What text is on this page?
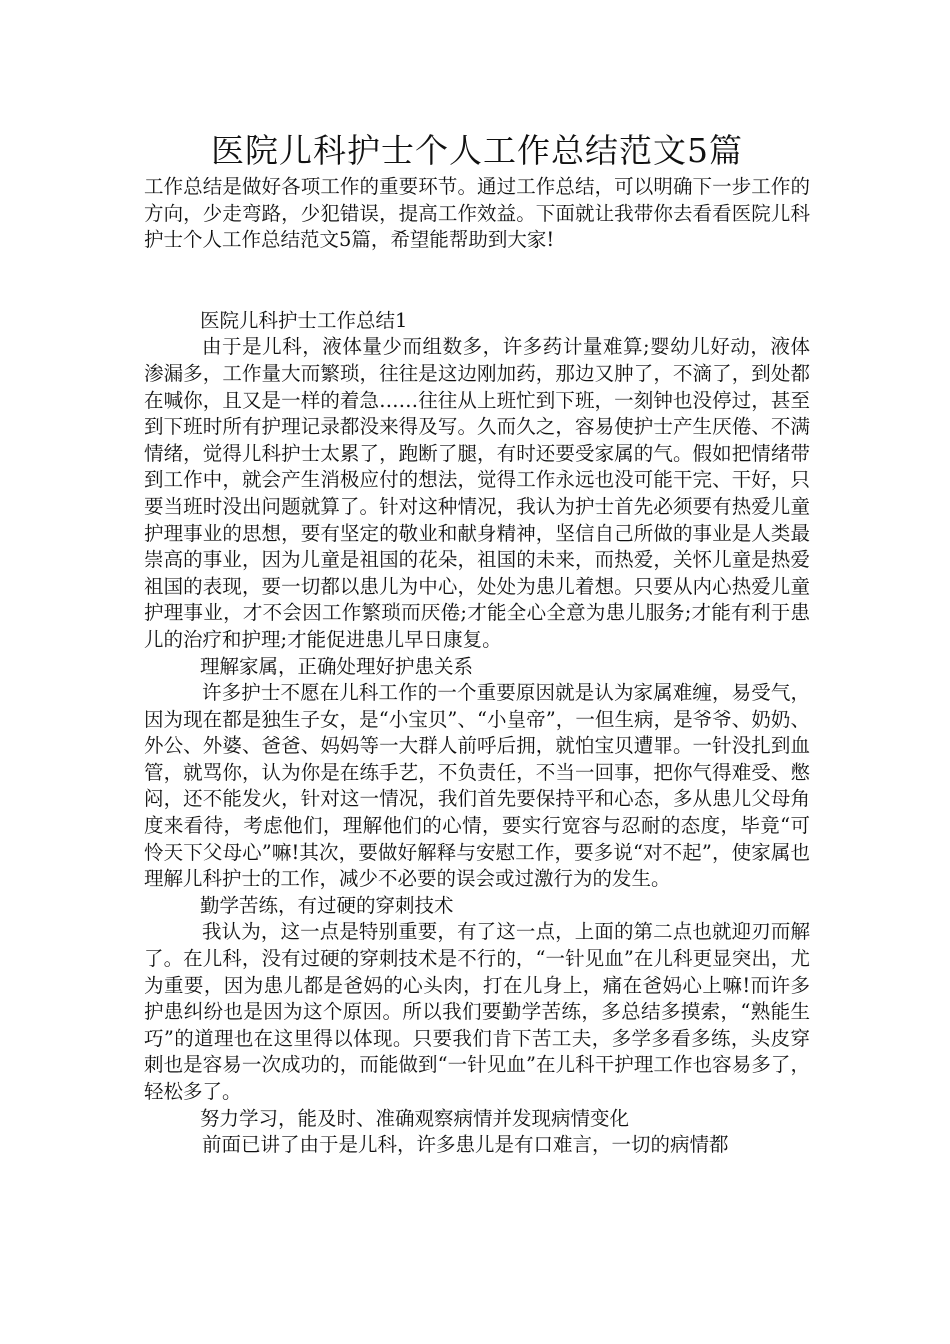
医院儿科护士个人工作总结范文5篇

工作总结是做好各项工作的重要环节。通过工作总结，可以明确下一步工作的方向，少走弯路，少犯错误，提高工作效益。下面就让我带你去看看医院儿科护士个人工作总结范文5篇，希望能帮助到大家!

医院儿科护士工作总结1

由于是儿科，液体量少而组数多，许多药计量难算;婴幼儿好动，液体渗漏多，工作量大而繁琐，往往是这边刚加药，那边又肿了，不滴了，到处都在喊你，且又是一样的着急……往往从上班忙到下班，一刻钟也没停过，甚至到下班时所有护理记录都没来得及写。久而久之，容易使护士产生厌倦、不满情绪，觉得儿科护士太累了，跑断了腿，有时还要受家属的气。假如把情绪带到工作中，就会产生消极应付的想法，觉得工作永远也没可能干完、干好，只要当班时没出问题就算了。针对这种情况，我认为护士首先必须要有热爱儿童护理事业的思想，要有坚定的敬业和献身精神，坚信自己所做的事业是人类最崇高的事业，因为儿童是祖国的花朵，祖国的未来，而热爱，关怀儿童是热爱祖国的表现，要一切都以患儿为中心，处处为患儿着想。只要从内心热爱儿童护理事业，才不会因工作繁琐而厌倦;才能全心全意为患儿服务;才能有利于患儿的治疗和护理;才能促进患儿早日康复。

理解家属，正确处理好护患关系

许多护士不愿在儿科工作的一个重要原因就是认为家属难缠，易受气，因为现在都是独生子女，是“小宝贝”、“小皇帝”，一但生病，是爷爷、奶奶、外公、外婆、爸爸、妈妈等一大群人前呼后拥，就怕宝贝遭罪。一针没扎到血管，就骂你，认为你是在练手艺，不负责任，不当一回事，把你气得难受、憋闷，还不能发火，针对这一情况，我们首先要保持平和心态，多从患儿父母角度来看待，考虑他们，理解他们的心情，要实行宽容与忍耐的态度，毕竟“可怜天下父母心”嘛!其次，要做好解释与安慰工作，要多说“对不起”，使家属也理解儿科护士的工作，减少不必要的误会或过激行为的发生。

勤学苦练，有过硬的穿刺技术

我认为，这一点是特别重要，有了这一点，上面的第二点也就迎刃而解了。在儿科，没有过硬的穿刺技术是不行的，“一针见血”在儿科更显突出，尤为重要，因为患儿都是爸妈的心头肉，打在儿身上，痛在爸妈心上嘛!而许多护患纠纷也是因为这个原因。所以我们要勤学苦练，多总结多摸索，“熟能生巧”的道理也在这里得以体现。只要我们肯下苦工夫，多学多看多练，头皮穿刺也是容易一次成功的，而能做到“一针见血”在儿科干护理工作也容易多了，轻松多了。

努力学习，能及时、准确观察病情并发现病情变化

前面已讲了由于是儿科，许多患儿是有口难言，一切的病情都
